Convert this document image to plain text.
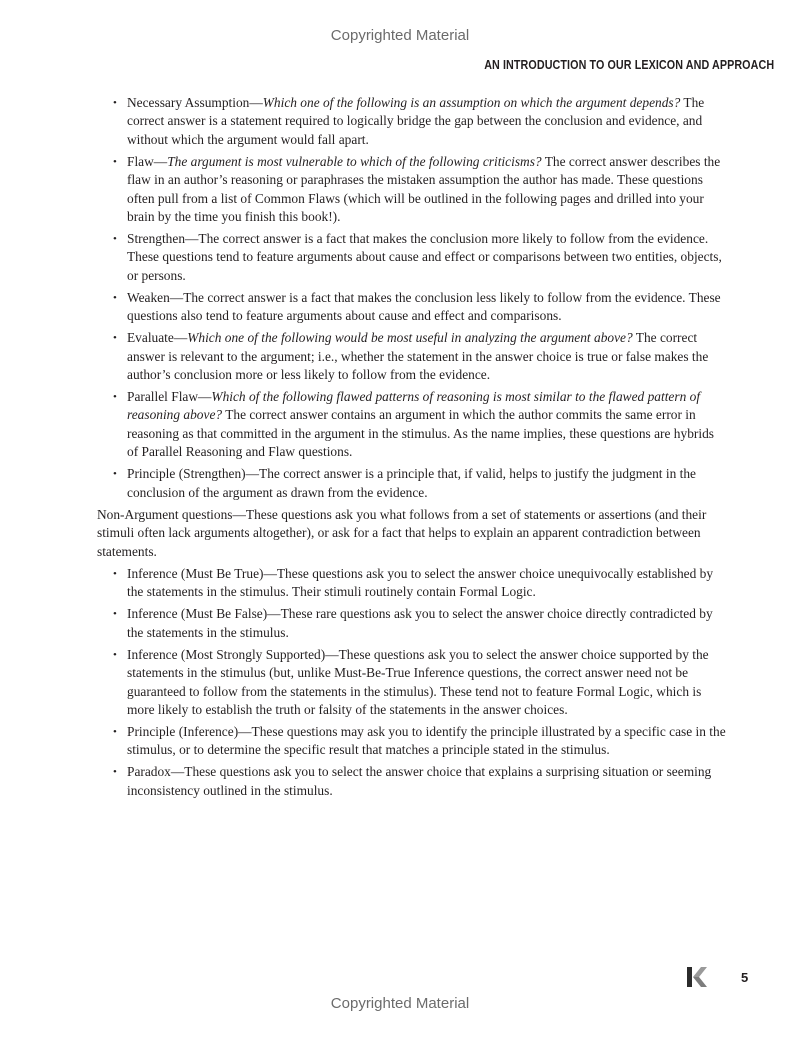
Copyrighted Material
AN INTRODUCTION TO OUR LEXICON AND APPROACH
• Necessary Assumption—Which one of the following is an assumption on which the argument depends? The correct answer is a statement required to logically bridge the gap between the conclusion and evidence, and without which the argument would fall apart.
• Flaw—The argument is most vulnerable to which of the following criticisms? The correct answer describes the flaw in an author’s reasoning or paraphrases the mistaken assumption the author has made. These questions often pull from a list of Common Flaws (which will be outlined in the following pages and drilled into your brain by the time you finish this book!).
• Strengthen—The correct answer is a fact that makes the conclusion more likely to follow from the evidence. These questions tend to feature arguments about cause and effect or comparisons between two entities, objects, or persons.
• Weaken—The correct answer is a fact that makes the conclusion less likely to follow from the evidence. These questions also tend to feature arguments about cause and effect and comparisons.
• Evaluate—Which one of the following would be most useful in analyzing the argument above? The correct answer is relevant to the argument; i.e., whether the statement in the answer choice is true or false makes the author’s conclusion more or less likely to follow from the evidence.
• Parallel Flaw—Which of the following flawed patterns of reasoning is most similar to the flawed pattern of reasoning above? The correct answer contains an argument in which the author commits the same error in reasoning as that committed in the argument in the stimulus. As the name implies, these questions are hybrids of Parallel Reasoning and Flaw questions.
• Principle (Strengthen)—The correct answer is a principle that, if valid, helps to justify the judgment in the conclusion of the argument as drawn from the evidence.

Non-Argument questions—These questions ask you what follows from a set of statements or assertions (and their stimuli often lack arguments altogether), or ask for a fact that helps to explain an apparent contradiction between statements.

• Inference (Must Be True)—These questions ask you to select the answer choice unequivocally established by the statements in the stimulus. Their stimuli routinely contain Formal Logic.
• Inference (Must Be False)—These rare questions ask you to select the answer choice directly contradicted by the statements in the stimulus.
• Inference (Most Strongly Supported)—These questions ask you to select the answer choice supported by the statements in the stimulus (but, unlike Must-Be-True Inference questions, the correct answer need not be guaranteed to follow from the statements in the stimulus). These tend not to feature Formal Logic, which is more likely to establish the truth or falsity of the statements in the answer choices.
• Principle (Inference)—These questions may ask you to identify the principle illustrated by a specific case in the stimulus, or to determine the specific result that matches a principle stated in the stimulus.
• Paradox—These questions ask you to select the answer choice that explains a surprising situation or seeming inconsistency outlined in the stimulus.
5
Copyrighted Material
